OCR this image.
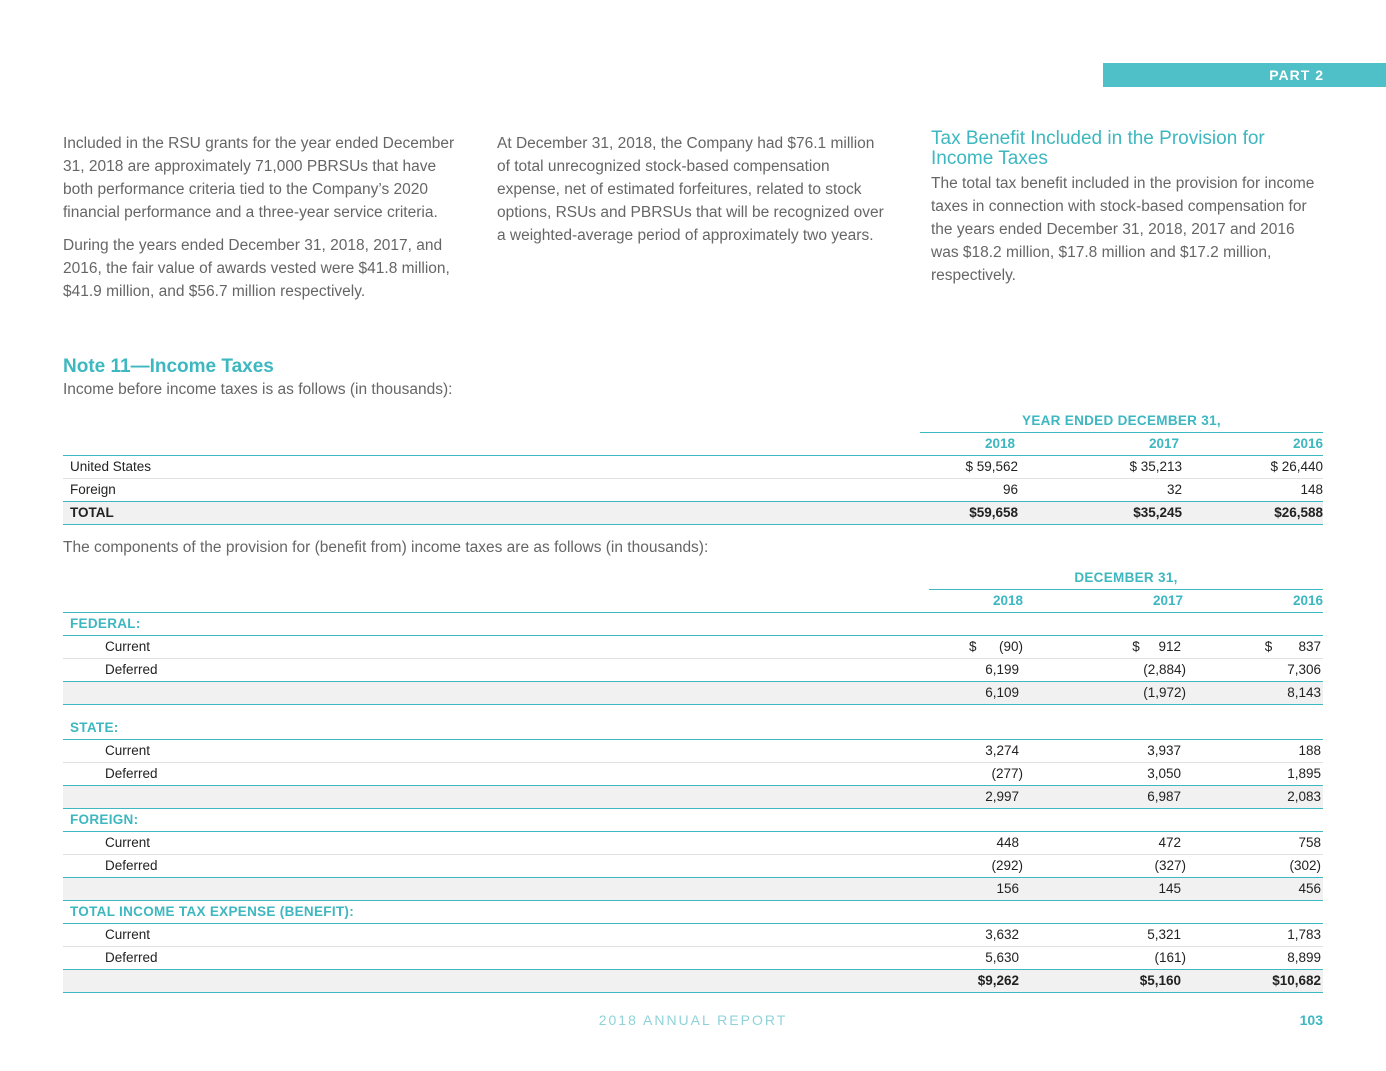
PART 2

Included in the RSU grants for the year ended December 31, 2018 are approximately 71,000 PBRSUs that have both performance criteria tied to the Company’s 2020 financial performance and a three-year service criteria.

During the years ended December 31, 2018, 2017, and 2016, the fair value of awards vested were $41.8 million, $41.9 million, and $56.7 million respectively.

At December 31, 2018, the Company had $76.1 million of total unrecognized stock-based compensation expense, net of estimated forfeitures, related to stock options, RSUs and PBRSUs that will be recognized over a weighted-average period of approximately two years.

Tax Benefit Included in the Provision for Income Taxes

The total tax benefit included in the provision for income taxes in connection with stock-based compensation for the years ended December 31, 2018, 2017 and 2016 was $18.2 million, $17.8 million and $17.2 million, respectively.

Note 11—Income Taxes
Income before income taxes is as follows (in thousands):
YEAR ENDED DECEMBER 31,
	2018	2017	2016
United States	$ 59,562	$ 35,213	$ 26,440
Foreign	96	32	148
TOTAL	$59,658	$35,245	$26,588
The components of the provision for (benefit from) income taxes are as follows (in thousands):
DECEMBER 31,
	2018	2017	2016
FEDERAL:			
Current	$      (90)	$     912	$       837
Deferred	6,199	(2,884)	7,306
	6,109	(1,972)	8,143

STATE:			
Current	3,274	3,937	188
Deferred	(277)	3,050	1,895
	2,997	6,987	2,083
FOREIGN:			
Current	448	472	758
Deferred	(292)	(327)	(302)
	156	145	456
TOTAL INCOME TAX EXPENSE (BENEFIT):			
Current	3,632	5,321	1,783
Deferred	5,630	(161)	8,899
	$9,262	$5,160	$10,682
2018 ANNUAL REPORT	103
